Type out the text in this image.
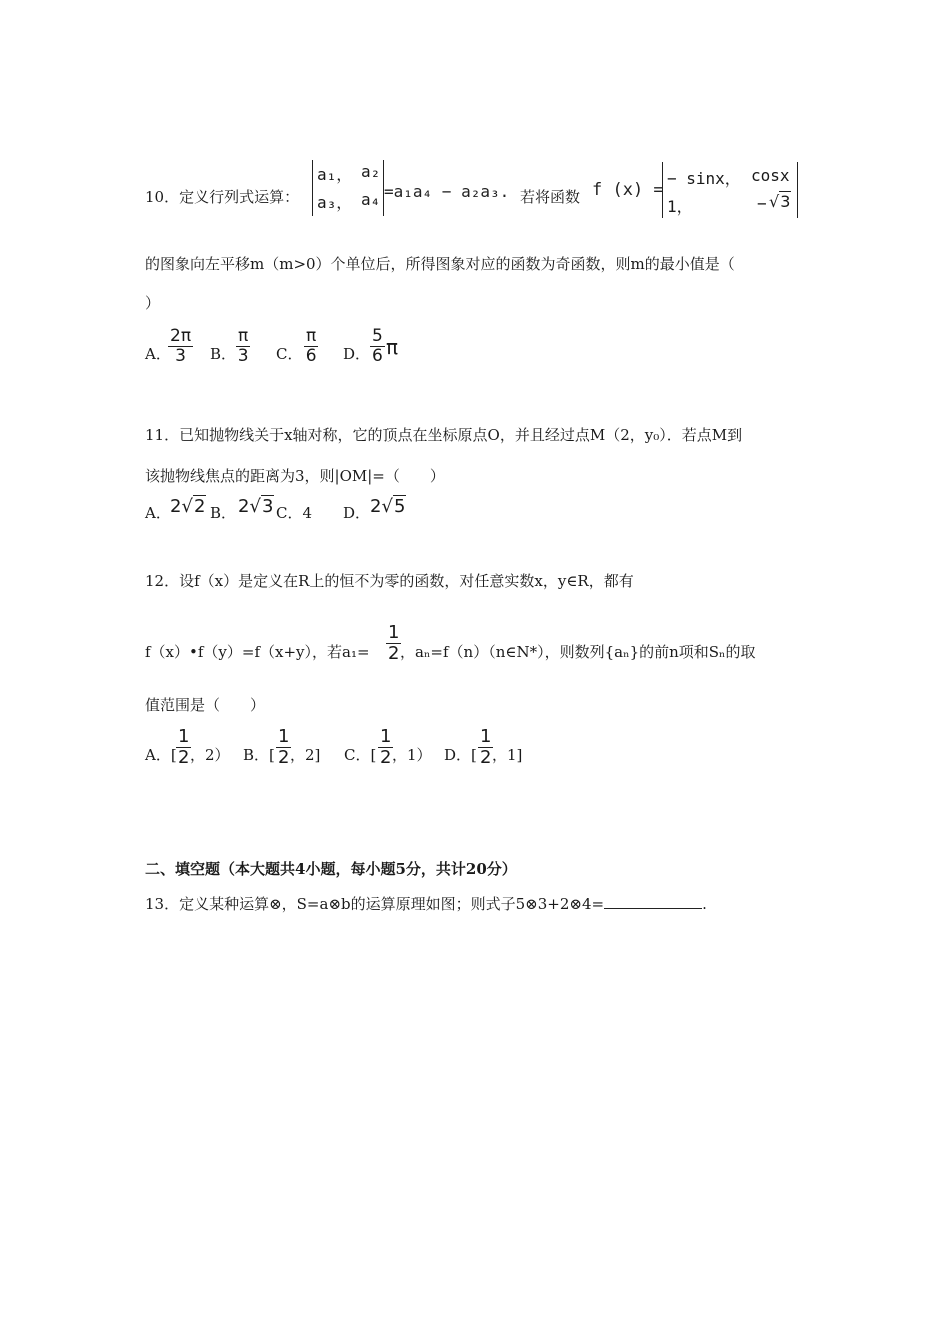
10．定义行列式运算：
a₁， a₂
a₃， a₄ =a₁a₄ − a₂a₃. 若将函数 f (x) =
− sinx， cosx
1，	− √3
的图象向左平移m（m>0）个单位后，所得图象对应的函数为奇函数，则m的最小值是（
）
A．
2π
3 B．
π
3 C．
π
6 D．
5
6 π
11．已知抛物线关于x轴对称，它的顶点在坐标原点O，并且经过点M（2，y₀）．若点M到
该抛物线焦点的距离为3，则|OM|=（　　）
A． 2√2 B． 2√3 C．4 D． 2√5
12．设f（x）是定义在R上的恒不为零的函数，对任意实数x，y∈R，都有
f（x）•f（y）=f（x+y），若a₁=
1
2 ，aₙ=f（n）（n∈N*），则数列{aₙ}的前n项和Sₙ的取
值范围是（　　）
A．[
1
2 ，2） B．[
1
2 ，2] C．[
1
2 ，1） D．[
1
2 ，1]
二、填空题（本大题共4小题，每小题5分，共计20分）
13．定义某种运算⊗，S=a⊗b的运算原理如图；则式子5⊗3+2⊗4=	.
